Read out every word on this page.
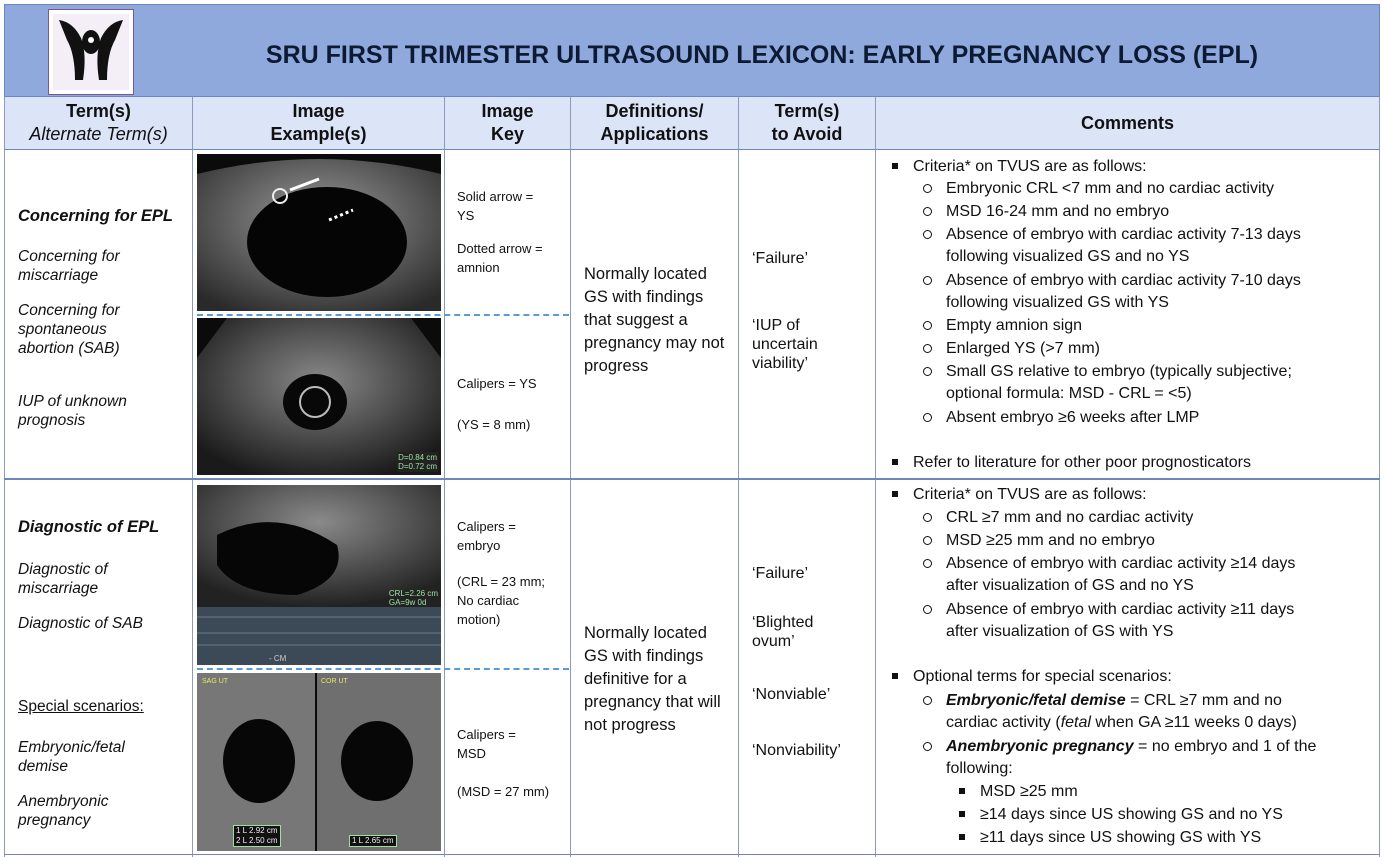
SRU FIRST TRIMESTER ULTRASOUND LEXICON: EARLY PREGNANCY LOSS (EPL)
Term(s)
Alternate Term(s)
Image
Example(s)
Image
Key
Definitions/
Applications
Term(s)
to Avoid
Comments
Concerning for EPL
Concerning for miscarriage
Concerning for spontaneous abortion (SAB)
IUP of unknown prognosis
D=0.84 cm
D=0.72 cm
Solid arrow =
YS
Dotted arrow =
amnion
Calipers = YS
(YS = 8 mm)
Normally located GS with findings that suggest a pregnancy may not progress
‘Failure’
‘IUP of uncertain viability’
Criteria* on TVUS are as follows:
Embryonic CRL <7 mm and no cardiac activity
MSD 16-24 mm and no embryo
Absence of embryo with cardiac activity 7-13 days
following visualized GS and no YS
Absence of embryo with cardiac activity 7-10 days
following visualized GS with YS
Empty amnion sign
Enlarged YS (>7 mm)
Small GS relative to embryo (typically subjective;
optional formula: MSD - CRL = <5)
Absent embryo ≥6 weeks after LMP
Refer to literature for other poor prognosticators
Diagnostic of EPL
Diagnostic of miscarriage
Diagnostic of SAB
Special scenarios:
Embryonic/fetal demise
Anembryonic pregnancy
CRL=2.26 cm
GA=9w 0d
- CM
SAG UT	COR UT
1 L 2.92 cm
2 L 2.50 cm	1 L 2.65 cm
Calipers =
embryo
(CRL = 23 mm;
No cardiac
motion)
Calipers =
MSD
(MSD = 27 mm)
Normally located GS with findings definitive for a pregnancy that will not progress
‘Failure’
‘Blighted ovum’
‘Nonviable’
‘Nonviability’
Criteria* on TVUS are as follows:
CRL ≥7 mm and no cardiac activity
MSD ≥25 mm and no embryo
Absence of embryo with cardiac activity ≥14 days
after visualization of GS and no YS
Absence of embryo with cardiac activity ≥11 days
after visualization of GS with YS
Optional terms for special scenarios:
Embryonic/fetal demise = CRL ≥7 mm and no
cardiac activity (fetal when GA ≥11 weeks 0 days)
Anembryonic pregnancy = no embryo and 1 of the
following:
MSD ≥25 mm
≥14 days since US showing GS and no YS
≥11 days since US showing GS with YS
